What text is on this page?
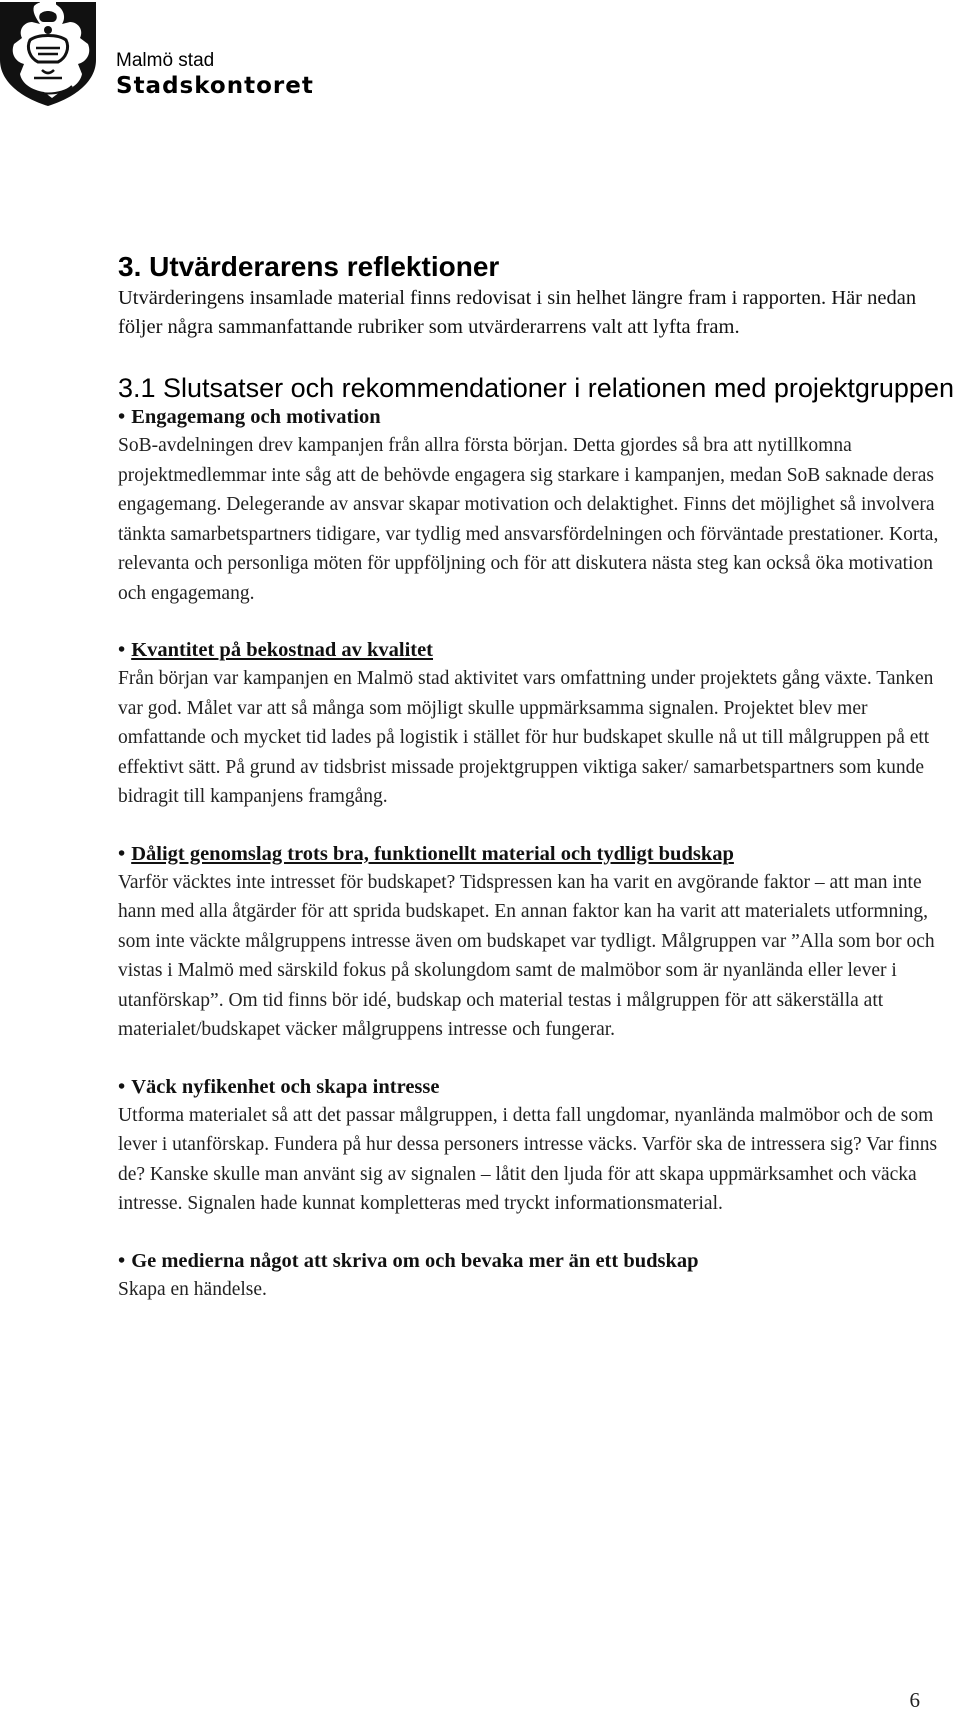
Malmö stad
Stadskontoret
3. Utvärderarens reflektioner

Utvärderingens insamlade material finns redovisat i sin helhet längre fram i rapporten. Här nedan följer några sammanfattande rubriker som utvärderarrens valt att lyfta fram.

3.1 Slutsatser och rekommendationer i relationen med projektgruppen

• Engagemang och motivation

SoB-avdelningen drev kampanjen från allra första början. Detta gjordes så bra att nytillkomna projektmedlemmar inte såg att de behövde engagera sig starkare i kampanjen, medan SoB saknade deras engagemang. Delegerande av ansvar skapar motivation och delaktighet. Finns det möjlighet så involvera tänkta samarbetspartners tidigare, var tydlig med ansvarsfördelningen och förväntade prestationer. Korta, relevanta och personliga möten för uppföljning och för att diskutera nästa steg kan också öka motivation och engagemang.

• Kvantitet på bekostnad av kvalitet

Från början var kampanjen en Malmö stad aktivitet vars omfattning under projektets gång växte. Tanken var god. Målet var att så många som möjligt skulle uppmärksamma signalen. Projektet blev mer omfattande och mycket tid lades på logistik i stället för hur budskapet skulle nå ut till målgruppen på ett effektivt sätt. På grund av tidsbrist missade projektgruppen viktiga saker/ samarbetspartners som kunde bidragit till kampanjens framgång.

• Dåligt genomslag trots bra, funktionellt material och tydligt budskap

Varför väcktes inte intresset för budskapet? Tidspressen kan ha varit en avgörande faktor – att man inte hann med alla åtgärder för att sprida budskapet. En annan faktor kan ha varit att materialets utformning, som inte väckte målgruppens intresse även om budskapet var tydligt. Målgruppen var ”Alla som bor och vistas i Malmö med särskild fokus på skolungdom samt de malmöbor som är nyanlända eller lever i utanförskap”. Om tid finns bör idé, budskap och material testas i målgruppen för att säkerställa att materialet/budskapet väcker målgruppens intresse och fungerar.

• Väck nyfikenhet och skapa intresse

Utforma materialet så att det passar målgruppen, i detta fall ungdomar, nyanlända malmöbor och de som lever i utanförskap. Fundera på hur dessa personers intresse väcks. Varför ska de intressera sig? Var finns de? Kanske skulle man använt sig av signalen – låtit den ljuda för att skapa uppmärksamhet och väcka intresse. Signalen hade kunnat kompletteras med tryckt informationsmaterial.

• Ge medierna något att skriva om och bevaka mer än ett budskap

Skapa en händelse.

6
